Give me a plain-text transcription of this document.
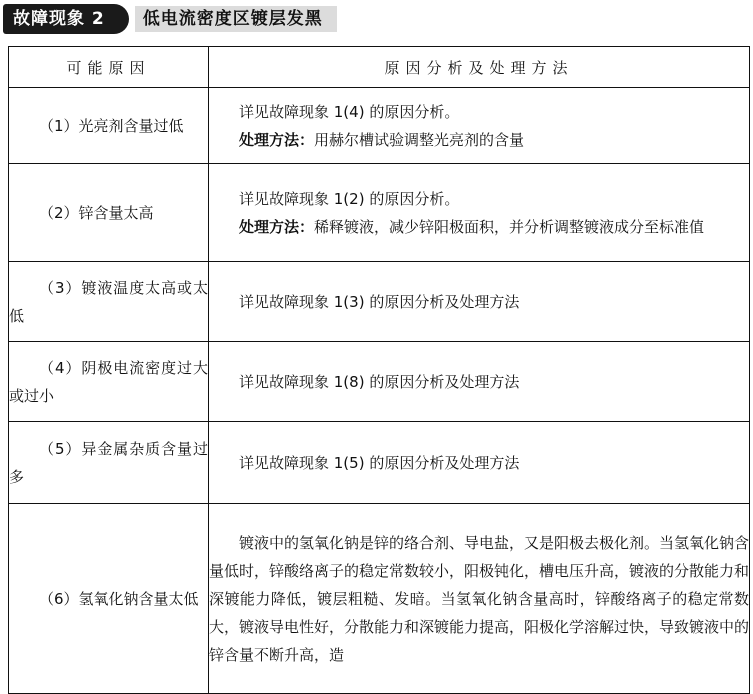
故障现象 2	低电流密度区镀层发黑
可能原因	原因分析及处理方法
（1）光亮剂含量过低	详见故障现象 1(4) 的原因分析。

处理方法：用赫尔槽试验调整光亮剂的含量

（2）锌含量太高	详见故障现象 1(2) 的原因分析。

处理方法：稀释镀液，减少锌阳极面积，并分析调整镀液成分至标准值

（3）镀液温度太高或太低	详见故障现象 1(3) 的原因分析及处理方法

（4）阴极电流密度过大或过小	详见故障现象 1(8) 的原因分析及处理方法

（5）异金属杂质含量过多	详见故障现象 1(5) 的原因分析及处理方法

（6）氢氧化钠含量太低	镀液中的氢氧化钠是锌的络合剂、导电盐，又是阳极去极化剂。当氢氧化钠含量低时，锌酸络离子的稳定常数较小，阳极钝化，槽电压升高，镀液的分散能力和深镀能力降低，镀层粗糙、发暗。当氢氧化钠含量高时，锌酸络离子的稳定常数大，镀液导电性好，分散能力和深镀能力提高，阳极化学溶解过快，导致镀液中的锌含量不断升高，造
